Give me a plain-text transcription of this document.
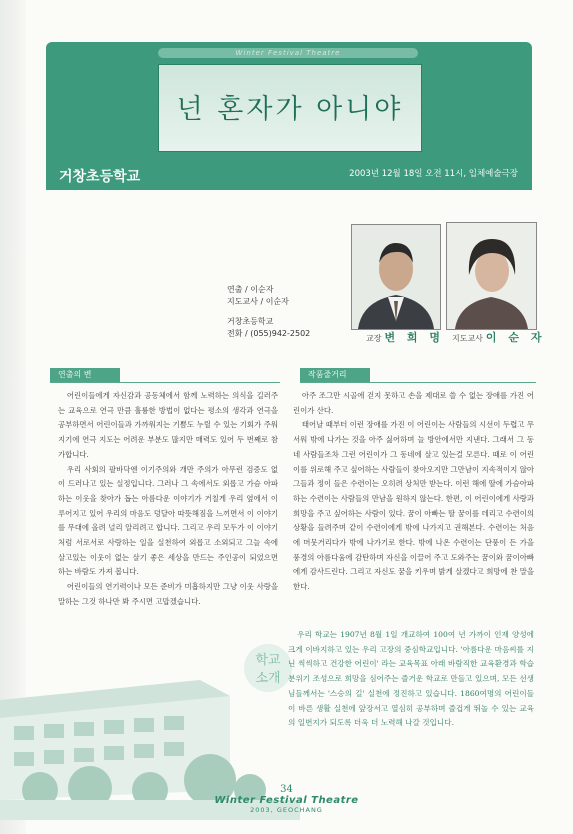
Winter Festival Theatre
넌 혼자가 아니야
거창초등학교	2003년 12월 18일 오전 11시, 입체예술극장
연출 / 이순자
지도교사 / 이순자
거창초등학교
전화 / (055)942-2502
교장 변 희 명 지도교사 이 순 자
연출의 변	작품줄거리

어린이들에게 자신감과 공동체에서 함께 노력하는 의식을 길러주는 교육으로 연극 만큼 훌륭한 방법이 없다는 평소의 생각과 연극을 공부하면서 어린이들과 가까워지는 기쁨도 누릴 수 있는 기회가 주워지기에 연극 지도는 어려운 부분도 많지만 매력도 있어 두 번째로 참가합니다.

우리 사회의 팔바닥엔 이기주의와 개만 주의가 아무런 검증도 없이 드러나고 있는 실정입니다. 그러나 그 속에서도 외롭고 가슴 아파하는 이웃을 찾아가 돕는 아름다운 이야기가 거칠게 우리 옆에서 이루어지고 있어 우리의 마음도 덩달아 따뜻해짐을 느끼면서 이 이야기를 무대에 올려 널리 알리려고 합니다. 그리고 우리 모두가 이 이야기처럼 서로서로 사랑하는 일을 실천하여 외롭고 소외되고 그늘 속에 살고있는 이웃이 없는 살기 좋은 세상을 만드는 주인공이 되었으면 하는 바람도 가져 봅니다.

어린이들의 연기력이나 모든 준비가 미흡하지만 그냥 이웃 사랑을 말하는 그것 하나만 봐 주시면 고맙겠습니다.

아주 조그만 시골에 걷지 못하고 손을 제대로 쓸 수 없는 장애를 가진 어린이가 산다.

태어날 때부터 이런 장애를 가진 이 어린이는 사람들의 시선이 두렵고 무서워 밖에 나가는 것을 아주 싫어하며 늘 방안에서만 지낸다. 그래서 그 동네 사람들조차 그런 어린이가 그 동네에 살고 있는걸 모른다. 때로 이 어린이를 위로해 주고 싶어하는 사람들이 찾아오지만 그만남이 지속적이지 않아 그들과 정이 들은 수련이는 오히려 상처만 받는다. 이런 해에 딸에 가슴아파하는 수련이는 사람들의 만남을 원하지 않는다. 한편, 이 어린이에게 사랑과 희망을 주고 싶어하는 사람이 있다. 꿈이 아빠는 딸 꿈이를 데리고 수련이의 상황을 들려주며 같이 수련이에게 밖에 나가지고 권해본다. 수련이는 처음에 머뭇거리다가 밖에 나가기로 한다. 밖에 나온 수련이는 단풍이 든 가을 풍경의 아름다움에 감탄하며 자신을 이끌어 주고 도와주는 꿈이와 꿈이아빠에게 감사드린다. 그리고 자신도 꿈을 키우며 밝게 살겠다고 희망에 찬 말을 한다.

학교
소개

우리 학교는 1907년 8월 1일 개교하여 100여 년 가까이 인재 양성에 크게 이바지하고 있는 우리 고장의 중심학교입니다. '아름다운 마음씨를 지닌 씩씩하고 건강한 어린이' 라는 교육목표 아래 바람직한 교육환경과 학습 분위기 조성으로 희망을 심어주는 즐거운 학교로 만들고 있으며, 모든 선생님들께서는 '스승의 길' 실천에 정진하고 있습니다. 1860여명의 어린이들이 바른 생활 실천에 앞장서고 열심히 공부하며 즐겁게 뛰놀 수 있는 교육의 일번지가 되도록 더욱 더 노력해 나갈 것입니다.

34
Winter Festival Theatre
2003, GEOCHANG
